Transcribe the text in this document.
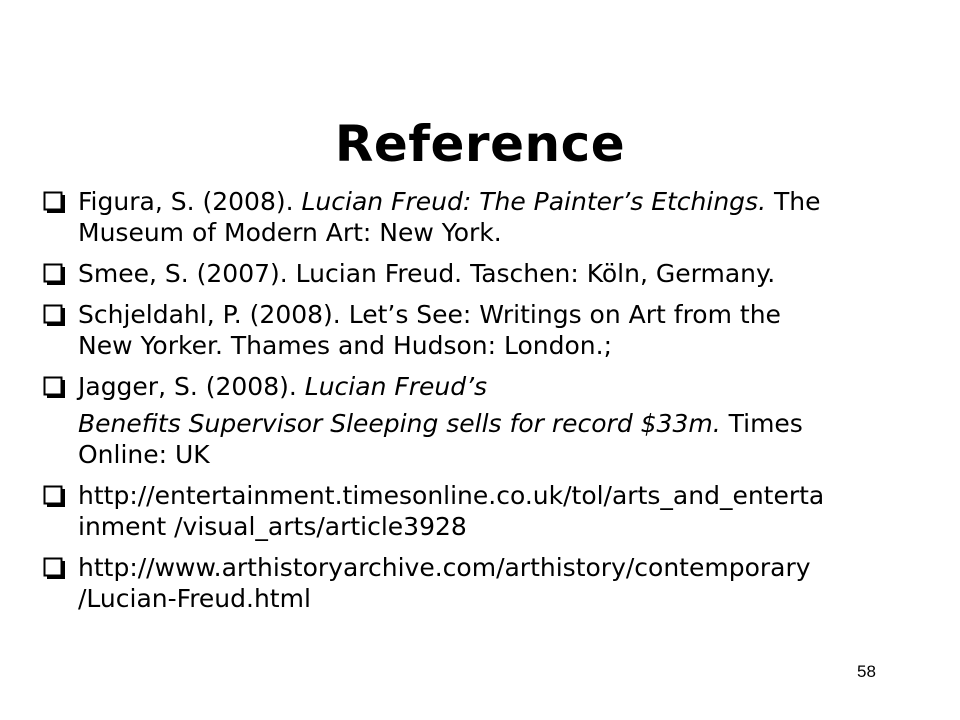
Reference
Figura, S. (2008). Lucian Freud: The Painter’s Etchings. The
Museum of Modern Art: New York.
Smee, S. (2007). Lucian Freud. Taschen: Köln, Germany.
Schjeldahl, P. (2008). Let’s See: Writings on Art from the
New Yorker. Thames and Hudson: London.;
Jagger, S. (2008). Lucian Freud’s
Benefits Supervisor Sleeping sells for record $33m. Times
Online: UK
http://entertainment.timesonline.co.uk/tol/arts_and_enterta
inment /visual_arts/article3928
http://www.arthistoryarchive.com/arthistory/contemporary
/Lucian-Freud.html
58
